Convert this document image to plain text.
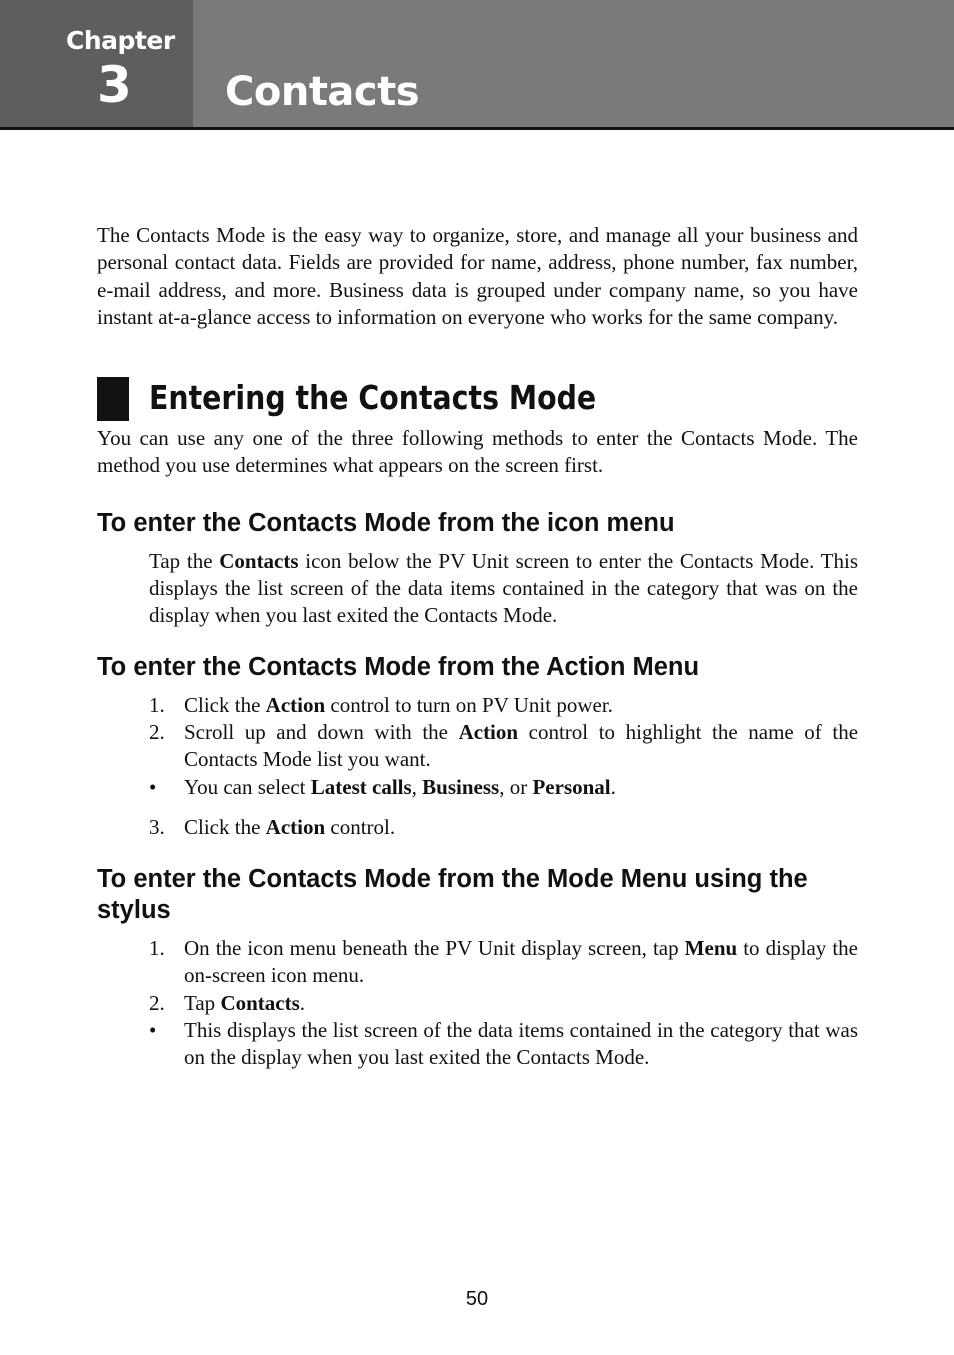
Chapter
3 Contacts

The Contacts Mode is the easy way to organize, store, and manage all your business and personal contact data. Fields are provided for name, address, phone number, fax number, e-mail address, and more. Business data is grouped under company name, so you have instant at-a-glance access to information on everyone who works for the same company.

Entering the Contacts Mode

You can use any one of the three following methods to enter the Contacts Mode. The method you use determines what appears on the screen first.

To enter the Contacts Mode from the icon menu

Tap the Contacts icon below the PV Unit screen to enter the Contacts Mode. This displays the list screen of the data items contained in the category that was on the display when you last exited the Contacts Mode.

To enter the Contacts Mode from the Action Menu
1. Click the Action control to turn on PV Unit power.
2. Scroll up and down with the Action control to highlight the name of the Contacts Mode list you want.
•	You can select Latest calls, Business, or Personal.
3. Click the Action control.
To enter the Contacts Mode from the Mode Menu using the stylus
1. On the icon menu beneath the PV Unit display screen, tap Menu to display the on-screen icon menu.
2. Tap Contacts.
•	This displays the list screen of the data items contained in the category that was on the display when you last exited the Contacts Mode.
50
